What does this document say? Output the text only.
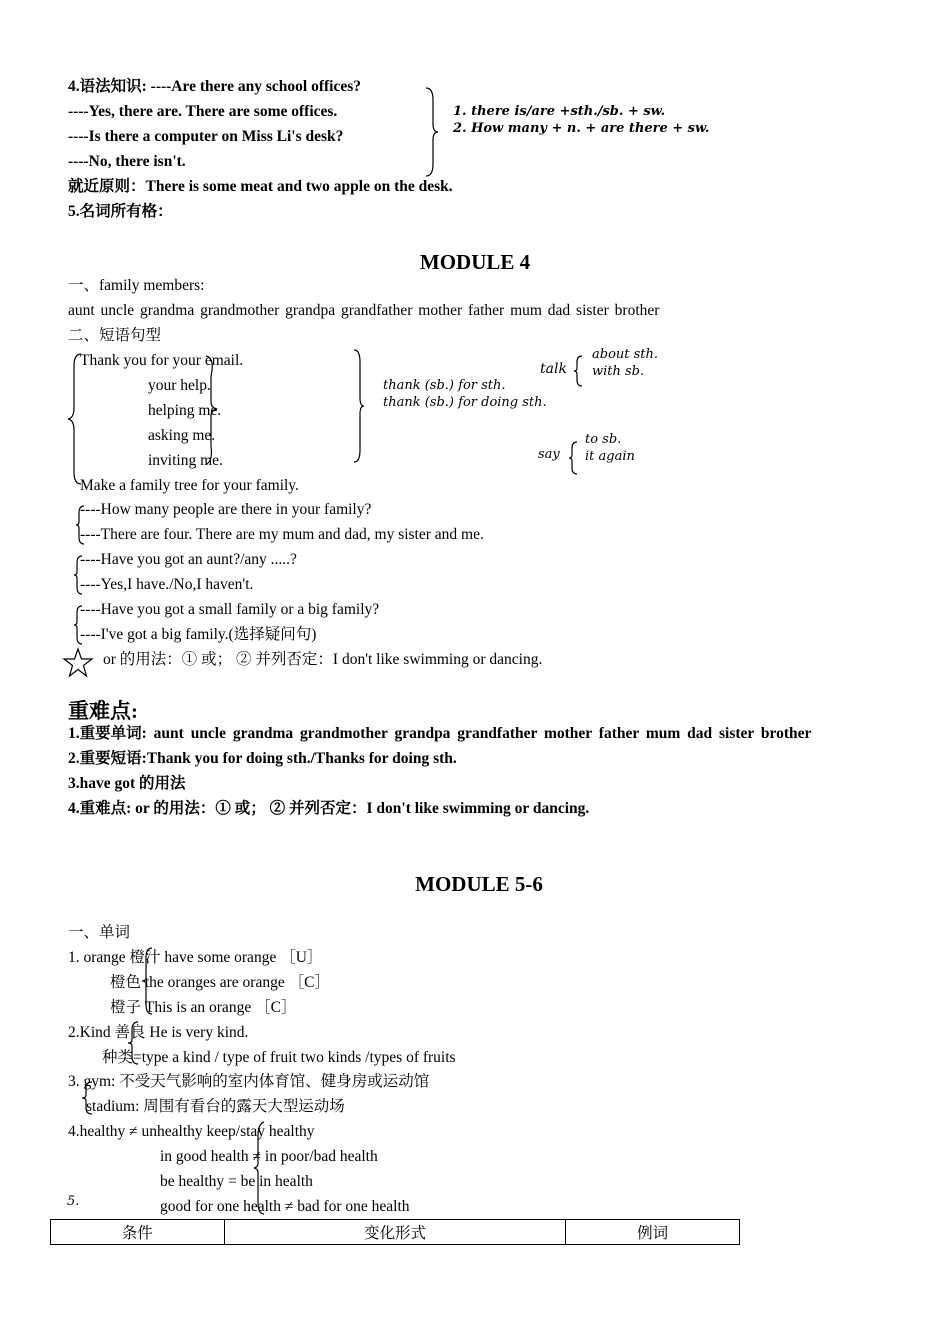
4.语法知识: ----Are there any school offices?
----Yes, there are. There are some offices.
----Is there a computer on Miss Li's desk?
----No, there isn't.
就近原则：There is some meat and two apple on the desk.
5.名词所有格：
1. there is/are +sth./sb. + sw.
2. How many + n. + are there + sw.
MODULE 4
一、family members:
aunt uncle grandma grandmother grandpa grandfather mother father mum dad sister brother
二、短语句型
Thank you for your email.
your help.
helping me.
asking me.
inviting me.
thank (sb.) for sth.
thank (sb.) for doing sth.
talk
about sth.
with sb.
say
to sb.
it again
Make a family tree for your family.
----How many people are there in your family?
----There are four. There are my mum and dad, my sister and me.
----Have you got an aunt?/any .....?
----Yes,I have./No,I haven't.
----Have you got a small family or a big family?
----I've got a big family.(选择疑问句)
or 的用法：① 或； ② 并列否定：I don't like swimming or dancing.
重难点:
1.重要单词: aunt uncle grandma grandmother grandpa grandfather mother father mum dad sister brother
2.重要短语:Thank you for doing sth./Thanks for doing sth.
3.have got 的用法
4.重难点: or 的用法：① 或； ② 并列否定：I don't like swimming or dancing.
MODULE 5-6
一、单词
1. orange 橙汁 have some orange ［U］
橙色 the oranges are orange ［C］
橙子 This is an orange ［C］
2.Kind 善良 He is very kind.
种类=type a kind / type of fruit two kinds /types of fruits
3. gym: 不受天气影响的室内体育馆、健身房或运动馆
stadium: 周围有看台的露天大型运动场
4.healthy ≠ unhealthy keep/stay healthy
in good health ≠ in poor/bad health
be healthy = be in health
good for one health ≠ bad for one health
5.
条件	变化形式	例词
